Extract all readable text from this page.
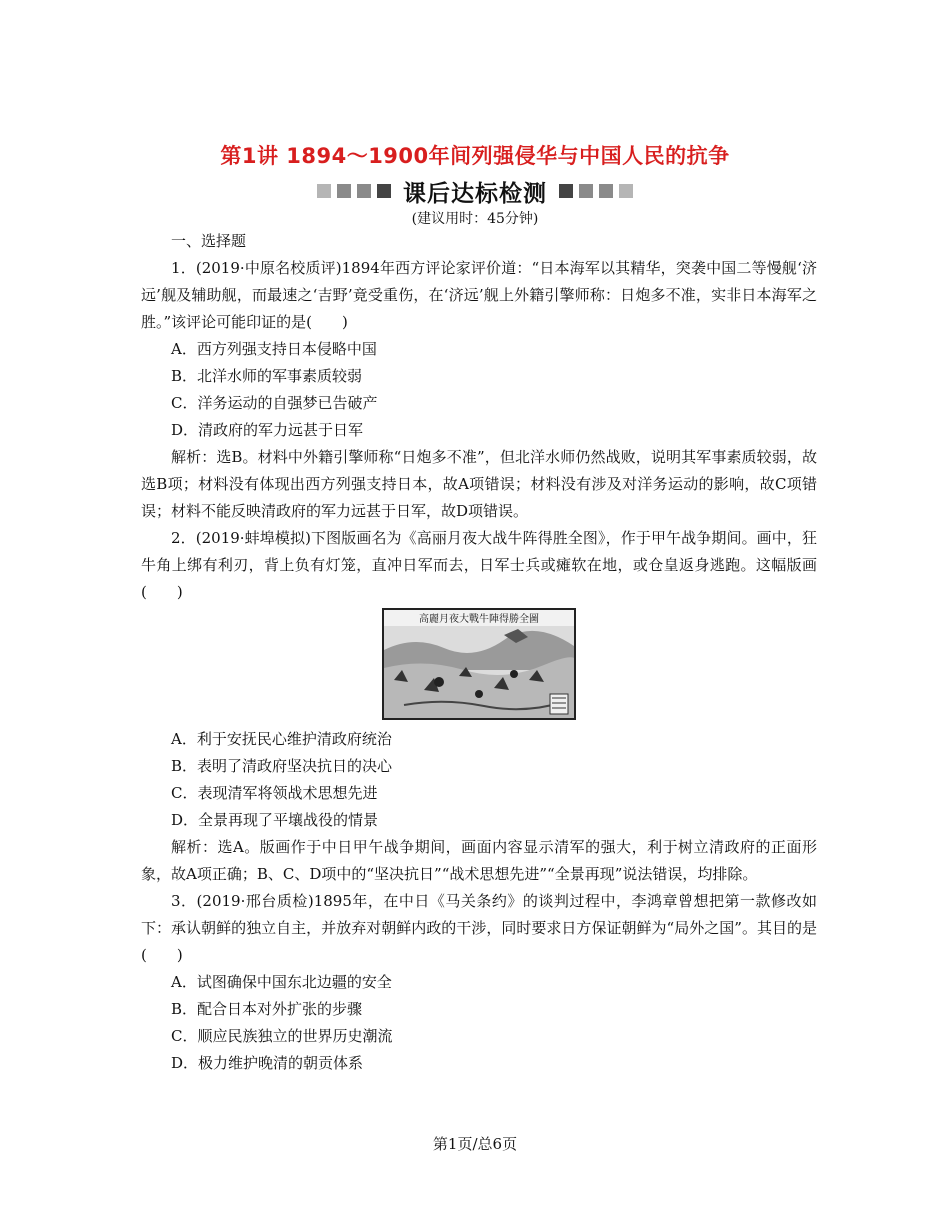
第1讲 1894～1900年间列强侵华与中国人民的抗争
课后达标检测
(建议用时：45分钟)

一、选择题

1．(2019·中原名校质评)1894年西方评论家评价道：“日本海军以其精华，突袭中国二等慢舰‘济远’舰及辅助舰，而最速之‘吉野’竟受重伤，在‘济远’舰上外籍引擎师称：日炮多不准，实非日本海军之胜。”该评论可能印证的是(　　)

A．西方列强支持日本侵略中国

B．北洋水师的军事素质较弱

C．洋务运动的自强梦已告破产

D．清政府的军力远甚于日军

解析：选B。材料中外籍引擎师称“日炮多不准”，但北洋水师仍然战败，说明其军事素质较弱，故选B项；材料没有体现出西方列强支持日本，故A项错误；材料没有涉及对洋务运动的影响，故C项错误；材料不能反映清政府的军力远甚于日军，故D项错误。

2．(2019·蚌埠模拟)下图版画名为《高丽月夜大战牛阵得胜全图》，作于甲午战争期间。画中，狂牛角上绑有利刃，背上负有灯笼，直冲日军而去，日军士兵或瘫软在地，或仓皇返身逃跑。这幅版画(　　)

高麗月夜大戰牛陣得勝全圖

A．利于安抚民心维护清政府统治

B．表明了清政府坚决抗日的决心

C．表现清军将领战术思想先进

D．全景再现了平壤战役的情景

解析：选A。版画作于中日甲午战争期间，画面内容显示清军的强大，利于树立清政府的正面形象，故A项正确；B、C、D项中的“坚决抗日”“战术思想先进”“全景再现”说法错误，均排除。

3．(2019·邢台质检)1895年，在中日《马关条约》的谈判过程中，李鸿章曾想把第一款修改如下：承认朝鲜的独立自主，并放弃对朝鲜内政的干涉，同时要求日方保证朝鲜为“局外之国”。其目的是(　　)

A．试图确保中国东北边疆的安全

B．配合日本对外扩张的步骤

C．顺应民族独立的世界历史潮流

D．极力维护晚清的朝贡体系

第1页/总6页
